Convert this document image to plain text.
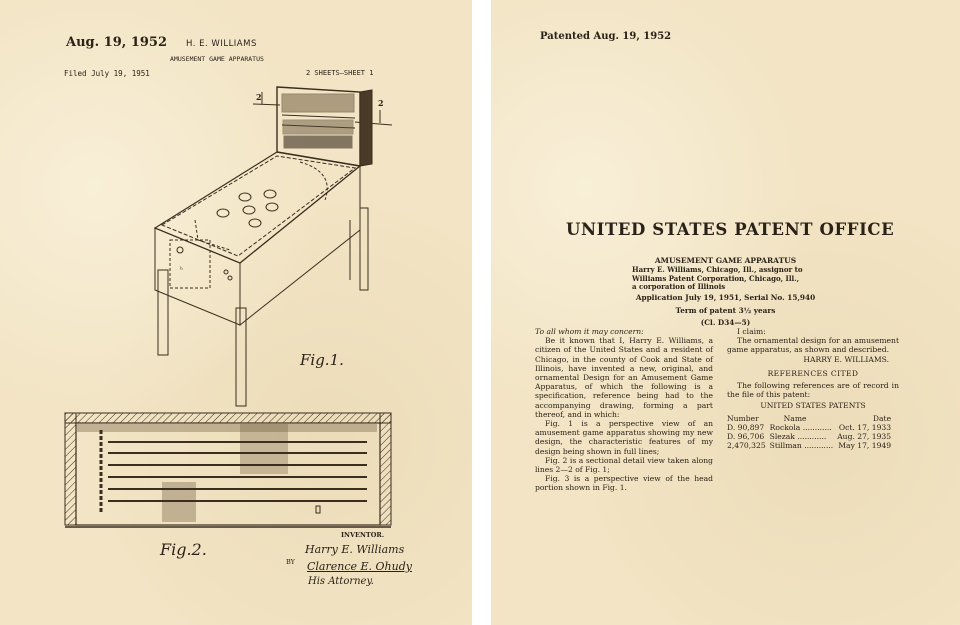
Aug. 19, 1952 H. E. WILLIAMS
AMUSEMENT GAME APPARATUS
Filed July 19, 1951	2 SHEETS—SHEET 1
2
2
ʰ
Fig.1.
Fig.2.
INVENTOR.
Harry E. Williams
BY Clarence E. Ohudy
His Attorney.
Patented Aug. 19, 1952
UNITED STATES PATENT OFFICE
AMUSEMENT GAME APPARATUS
Harry E. Williams, Chicago, Ill., assignor to Williams Patent Corporation, Chicago, Ill., a corporation of Illinois
Application July 19, 1951, Serial No. 15,940
Term of patent 3½ years
(Cl. D34—5)

To all whom it may concern:

Be it known that I, Harry E. Williams, a citizen of the United States and a resident of Chicago, in the county of Cook and State of Illinois, have invented a new, original, and ornamental Design for an Amusement Game Apparatus, of which the following is a specification, reference being had to the accompanying drawing, forming a part thereof, and in which:

Fig. 1 is a perspective view of an amusement game apparatus showing my new design, the characteristic features of my design being shown in full lines;

Fig. 2 is a sectional detail view taken along lines 2—2 of Fig. 1;

Fig. 3 is a perspective view of the head portion shown in Fig. 1.

I claim:

The ornamental design for an amusement game apparatus, as shown and described.

HARRY E. WILLIAMS.

REFERENCES CITED

The following references are of record in the file of this patent:

UNITED STATES PATENTS

Number	Name	Date
D. 90,897	Rockola ............	Oct. 17, 1933
D. 96,706	Slezak ............	Aug. 27, 1935
2,470,325	Stillman ............	May 17, 1949
